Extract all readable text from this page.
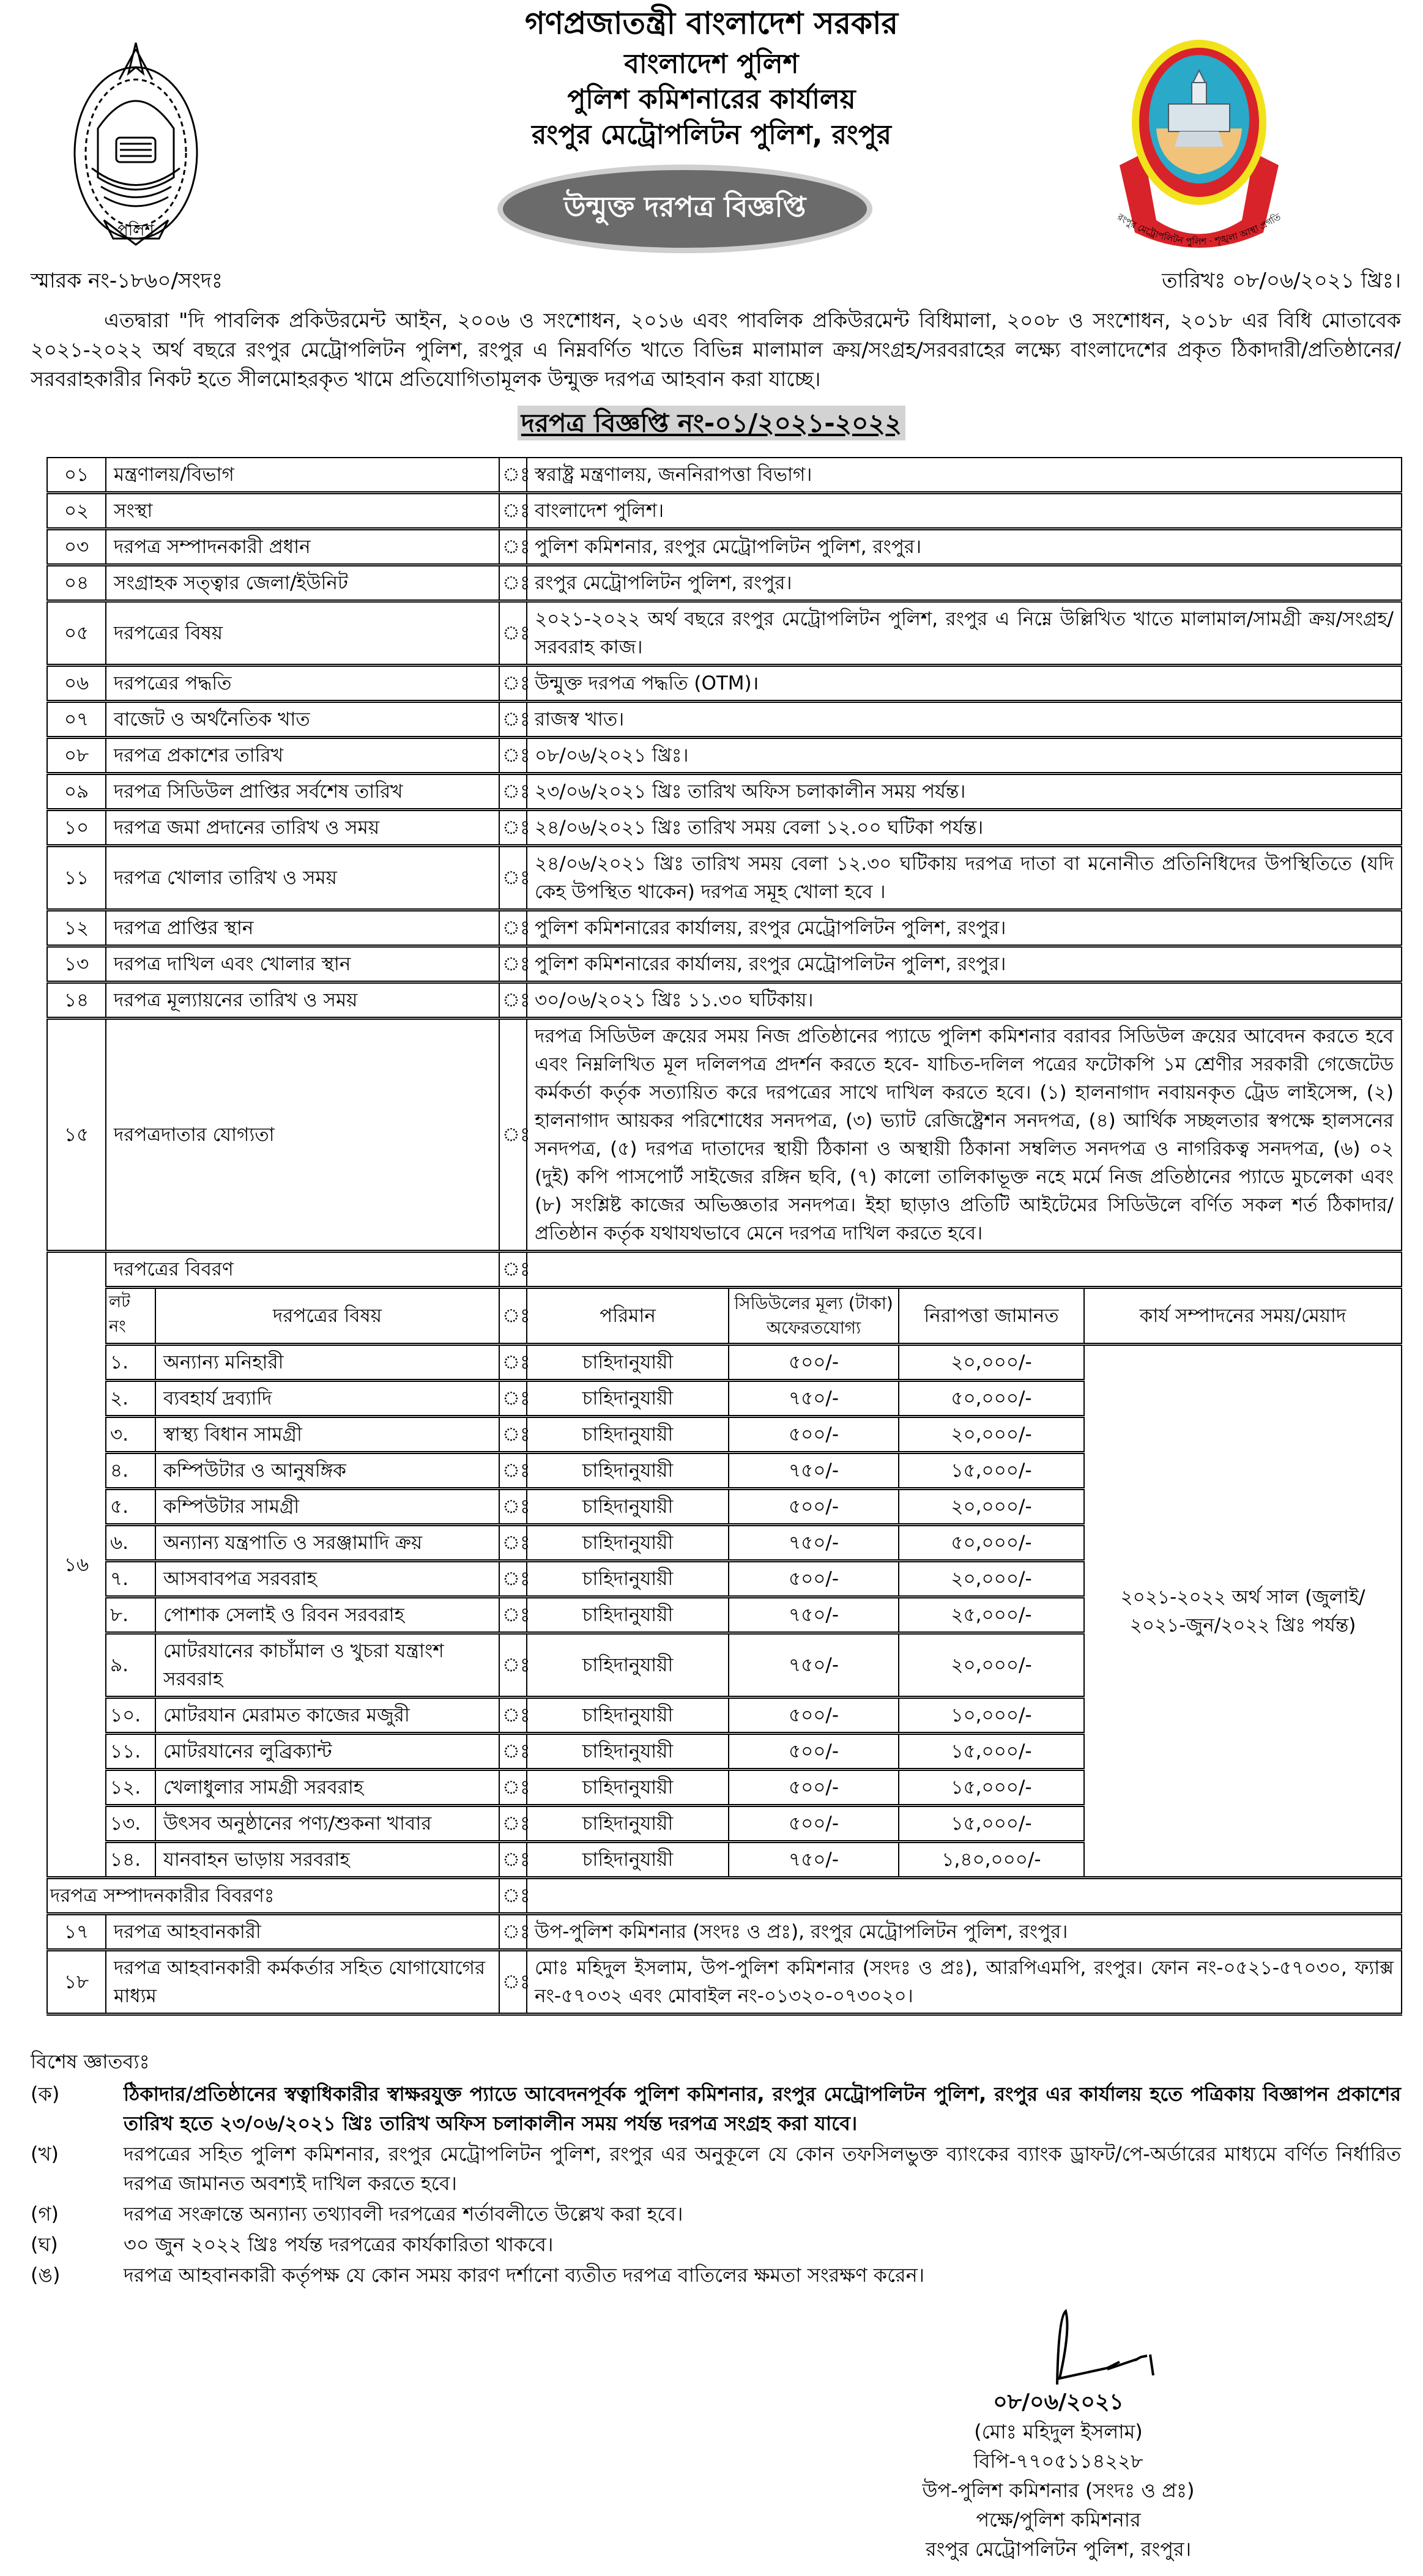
পুলিশ
রংপুর মেট্রোপলিটন পুলিশ · শৃঙ্খলা আস্থা প্রগতি
গণপ্রজাতন্ত্রী বাংলাদেশ সরকার
বাংলাদেশ পুলিশ
পুলিশ কমিশনারের কার্যালয়
রংপুর মেট্রোপলিটন পুলিশ, রংপুর
উন্মুক্ত দরপত্র বিজ্ঞপ্তি
স্মারক নং-১৮৬০/সংদঃ	তারিখঃ ০৮/০৬/২০২১ খ্রিঃ।
এতদ্বারা "দি পাবলিক প্রকিউরমেন্ট আইন, ২০০৬ ও সংশোধন, ২০১৬ এবং পাবলিক প্রকিউরমেন্ট বিধিমালা, ২০০৮ ও সংশোধন, ২০১৮ এর বিধি মোতাবেক ২০২১-২০২২ অর্থ বছরে রংপুর মেট্রোপলিটন পুলিশ, রংপুর এ নিম্নবর্ণিত খাতে বিভিন্ন মালামাল ক্রয়/সংগ্রহ/সরবরাহের লক্ষ্যে বাংলাদেশের প্রকৃত ঠিকাদারী/প্রতিষ্ঠানের/ সরবরাহকারীর নিকট হতে সীলমোহরকৃত খামে প্রতিযোগিতামূলক উন্মুক্ত দরপত্র আহবান করা যাচ্ছে।
দরপত্র বিজ্ঞপ্তি নং-০১/২০২১-২০২২
০১	মন্ত্রণালয়/বিভাগ		ঃ	স্বরাষ্ট্র মন্ত্রণালয়, জননিরাপত্তা বিভাগ।			
০২	সংস্থা		ঃ	বাংলাদেশ পুলিশ।			
০৩	দরপত্র সম্পাদনকারী প্রধান		ঃ	পুলিশ কমিশনার, রংপুর মেট্রোপলিটন পুলিশ, রংপুর।			
০৪	সংগ্রাহক সত্ত্বার জেলা/ইউনিট		ঃ	রংপুর মেট্রোপলিটন পুলিশ, রংপুর।			
০৫	দরপত্রের বিষয়		ঃ	২০২১-২০২২ অর্থ বছরে রংপুর মেট্রোপলিটন পুলিশ, রংপুর এ নিম্নে উল্লিখিত খাতে মালামাল/সামগ্রী ক্রয়/সংগ্রহ/সরবরাহ কাজ।			
০৬	দরপত্রের পদ্ধতি		ঃ	উন্মুক্ত দরপত্র পদ্ধতি (OTM)।			
০৭	বাজেট ও অর্থনৈতিক খাত		ঃ	রাজস্ব খাত।			
০৮	দরপত্র প্রকাশের তারিখ		ঃ	০৮/০৬/২০২১ খ্রিঃ।			
০৯	দরপত্র সিডিউল প্রাপ্তির সর্বশেষ তারিখ		ঃ	২৩/০৬/২০২১ খ্রিঃ তারিখ অফিস চলাকালীন সময় পর্যন্ত।			
১০	দরপত্র জমা প্রদানের তারিখ ও সময়		ঃ	২৪/০৬/২০২১ খ্রিঃ তারিখ সময় বেলা ১২.০০ ঘটিকা পর্যন্ত।			
১১	দরপত্র খোলার তারিখ ও সময়		ঃ	২৪/০৬/২০২১ খ্রিঃ তারিখ সময় বেলা ১২.৩০ ঘটিকায় দরপত্র দাতা বা মনোনীত প্রতিনিধিদের উপস্থিতিতে (যদি কেহ উপস্থিত থাকেন) দরপত্র সমূহ খোলা হবে ।			
১২	দরপত্র প্রাপ্তির স্থান		ঃ	পুলিশ কমিশনারের কার্যালয়, রংপুর মেট্রোপলিটন পুলিশ, রংপুর।			
১৩	দরপত্র দাখিল এবং খোলার স্থান		ঃ	পুলিশ কমিশনারের কার্যালয়, রংপুর মেট্রোপলিটন পুলিশ, রংপুর।			
১৪	দরপত্র মূল্যায়নের তারিখ ও সময়		ঃ	৩০/০৬/২০২১ খ্রিঃ ১১.৩০ ঘটিকায়।			
১৫	দরপত্রদাতার যোগ্যতা		ঃ	দরপত্র সিডিউল ক্রয়ের সময় নিজ প্রতিষ্ঠানের প্যাডে পুলিশ কমিশনার বরাবর সিডিউল ক্রয়ের আবেদন করতে হবে এবং নিম্নলিখিত মূল দলিলপত্র প্রদর্শন করতে হবে- যাচিত-দলিল পত্রের ফটোকপি ১ম শ্রেণীর সরকারী গেজেটেড কর্মকর্তা কর্তৃক সত্যায়িত করে দরপত্রের সাথে দাখিল করতে হবে। (১) হালনাগাদ নবায়নকৃত ট্রেড লাইসেন্স, (২) হালনাগাদ আয়কর পরিশোধের সনদপত্র, (৩) ভ্যাট রেজিষ্ট্রেশন সনদপত্র, (৪) আর্থিক সচ্ছলতার স্বপক্ষে হালসনের সনদপত্র, (৫) দরপত্র দাতাদের স্থায়ী ঠিকানা ও অস্থায়ী ঠিকানা সম্বলিত সনদপত্র ও নাগরিকত্ব সনদপত্র, (৬) ০২ (দুই) কপি পাসপোর্ট সাইজের রঙ্গিন ছবি, (৭) কালো তালিকাভূক্ত নহে মর্মে নিজ প্রতিষ্ঠানের প্যাডে মুচলেকা এবং (৮) সংশ্লিষ্ট কাজের অভিজ্ঞতার সনদপত্র। ইহা ছাড়াও প্রতিটি আইটেমের সিডিউলে বর্ণিত সকল শর্ত ঠিকাদার/প্রতিষ্ঠান কর্তৃক যথাযথভাবে মেনে দরপত্র দাখিল করতে হবে।			
১৬	দরপত্রের বিবরণ		ঃ				
	লট নং	দরপত্রের বিষয়	ঃ	পরিমান	সিডিউলের মূল্য (টাকা) অফেরতযোগ্য	নিরাপত্তা জামানত	কার্য সম্পাদনের সময়/মেয়াদ
	১.	অন্যান্য মনিহারী	ঃ	চাহিদানুযায়ী	৫০০/-	২০,০০০/-	২০২১-২০২২ অর্থ সাল (জুলাই/২০২১-জুন/২০২২ খ্রিঃ পর্যন্ত)
	২.	ব্যবহার্য দ্রব্যাদি	ঃ	চাহিদানুযায়ী	৭৫০/-	৫০,০০০/-	
	৩.	স্বাস্থ্য বিধান সামগ্রী	ঃ	চাহিদানুযায়ী	৫০০/-	২০,০০০/-	
	৪.	কম্পিউটার ও আনুষঙ্গিক	ঃ	চাহিদানুযায়ী	৭৫০/-	১৫,০০০/-	
	৫.	কম্পিউটার সামগ্রী	ঃ	চাহিদানুযায়ী	৫০০/-	২০,০০০/-	
	৬.	অন্যান্য যন্ত্রপাতি ও সরঞ্জামাদি ক্রয়	ঃ	চাহিদানুযায়ী	৭৫০/-	৫০,০০০/-	
	৭.	আসবাবপত্র সরবরাহ	ঃ	চাহিদানুযায়ী	৫০০/-	২০,০০০/-	
	৮.	পোশাক সেলাই ও রিবন সরবরাহ	ঃ	চাহিদানুযায়ী	৭৫০/-	২৫,০০০/-	
	৯.	মোটরযানের কাচাঁমাল ও খুচরা যন্ত্রাংশ সরবরাহ	ঃ	চাহিদানুযায়ী	৭৫০/-	২০,০০০/-	
	১০.	মোটরযান মেরামত কাজের মজুরী	ঃ	চাহিদানুযায়ী	৫০০/-	১০,০০০/-	
	১১.	মোটরযানের লুব্রিক্যান্ট	ঃ	চাহিদানুযায়ী	৫০০/-	১৫,০০০/-	
	১২.	খেলাধুলার সামগ্রী সরবরাহ	ঃ	চাহিদানুযায়ী	৫০০/-	১৫,০০০/-	
	১৩.	উৎসব অনুষ্ঠানের পণ্য/শুকনা খাবার	ঃ	চাহিদানুযায়ী	৫০০/-	১৫,০০০/-	
	১৪.	যানবাহন ভাড়ায় সরবরাহ	ঃ	চাহিদানুযায়ী	৭৫০/-	১,৪০,০০০/-	
দরপত্র সম্পাদনকারীর বিবরণঃ			ঃ				
১৭	দরপত্র আহবানকারী		ঃ	উপ-পুলিশ কমিশনার (সংদঃ ও প্রঃ), রংপুর মেট্রোপলিটন পুলিশ, রংপুর।			
১৮	দরপত্র আহবানকারী কর্মকর্তার সহিত যোগাযোগের মাধ্যম		ঃ	মোঃ মহিদুল ইসলাম, উপ-পুলিশ কমিশনার (সংদঃ ও প্রঃ), আরপিএমপি, রংপুর। ফোন নং-০৫২১-৫৭০৩০, ফ্যাক্স নং-৫৭০৩২ এবং মোবাইল নং-০১৩২০-০৭৩০২০।			
বিশেষ জ্ঞাতব্যঃ
(ক)	ঠিকাদার/প্রতিষ্ঠানের স্বত্বাধিকারীর স্বাক্ষরযুক্ত প্যাডে আবেদনপূর্বক পুলিশ কমিশনার, রংপুর মেট্রোপলিটন পুলিশ, রংপুর এর কার্যালয় হতে পত্রিকায় বিজ্ঞাপন প্রকাশের তারিখ হতে ২৩/০৬/২০২১ খ্রিঃ তারিখ অফিস চলাকালীন সময় পর্যন্ত দরপত্র সংগ্রহ করা যাবে।
(খ)	দরপত্রের সহিত পুলিশ কমিশনার, রংপুর মেট্রোপলিটন পুলিশ, রংপুর এর অনুকূলে যে কোন তফসিলভুক্ত ব্যাংকের ব্যাংক ড্রাফট/পে-অর্ডারের মাধ্যমে বর্ণিত নির্ধারিত দরপত্র জামানত অবশ্যই দাখিল করতে হবে।
(গ)	দরপত্র সংক্রান্তে অন্যান্য তথ্যাবলী দরপত্রের শর্তাবলীতে উল্লেখ করা হবে।
(ঘ)	৩০ জুন ২০২২ খ্রিঃ পর্যন্ত দরপত্রের কার্যকারিতা থাকবে।
(ঙ)	দরপত্র আহবানকারী কর্তৃপক্ষ যে কোন সময় কারণ দর্শানো ব্যতীত দরপত্র বাতিলের ক্ষমতা সংরক্ষণ করেন।
০৮/০৬/২০২১
(মোঃ মহিদুল ইসলাম)
বিপি-৭৭০৫১১৪২২৮
উপ-পুলিশ কমিশনার (সংদঃ ও প্রঃ)
পক্ষে/পুলিশ কমিশনার
রংপুর মেট্রোপলিটন পুলিশ, রংপুর।
